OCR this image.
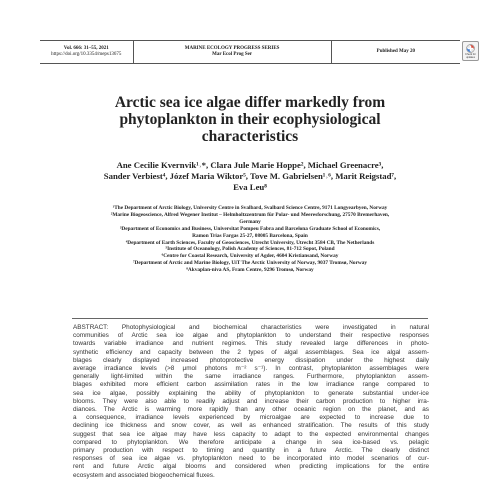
Vol. 666: 31–55, 2021
https://doi.org/10.3354/meps13675
MARINE ECOLOGY PROGRESS SERIES
Mar Ecol Prog Ser
Published May 20	Check for updates
Arctic sea ice algae differ markedly from
phytoplankton in their ecophysiological
characteristics
Ane Cecilie Kvernvik¹˒*, Clara Jule Marie Hoppe², Michael Greenacre³,
Sander Verbiest⁴, Józef Maria Wiktor⁵, Tove M. Gabrielsen¹˒⁶, Marit Reigstad⁷,
Eva Leu⁸
¹The Department of Arctic Biology, University Centre in Svalbard, Svalbard Science Centre, 9171 Longyearbyen, Norway
²Marine Biogeoscience, Alfred Wegener Institut – Helmholtzzentrum für Polar- und Meeresforschung, 27570 Bremerhaven,
Germany
³Department of Economics and Business, Universitat Pompeu Fabra and Barcelona Graduate School of Economics,
Ramon Trias Fargas 25-27, 08005 Barcelona, Spain
⁴Department of Earth Sciences, Faculty of Geosciences, Utrecht University, Utrecht 3584 CB, The Netherlands
⁵Institute of Oceanology, Polish Academy of Sciences, 81-712 Sopot, Poland
⁶Centre for Coastal Research, University of Agder, 4604 Kristiansand, Norway
⁷Department of Arctic and Marine Biology, UiT The Arctic University of Norway, 9037 Tromsø, Norway
⁸Akvaplan-niva AS, Fram Centre, 9296 Tromsø, Norway
ABSTRACT: Photophysiological and biochemical characteristics were investigated in natural
communities of Arctic sea ice algae and phytoplankton to understand their respective responses
towards variable irradiance and nutrient regimes. This study revealed large differences in photo-
synthetic efficiency and capacity between the 2 types of algal assemblages. Sea ice algal assem-
blages clearly displayed increased photoprotective energy dissipation under the highest daily
average irradiance levels (>8 μmol photons m⁻² s⁻¹). In contrast, phytoplankton assemblages were
generally light-limited within the same irradiance ranges. Furthermore, phytoplankton assem-
blages exhibited more efficient carbon assimilation rates in the low irradiance range compared to
sea ice algae, possibly explaining the ability of phytoplankton to generate substantial under-ice
blooms. They were also able to readily adjust and increase their carbon production to higher irra-
diances. The Arctic is warming more rapidly than any other oceanic region on the planet, and as
a consequence, irradiance levels experienced by microalgae are expected to increase due to
declining ice thickness and snow cover, as well as enhanced stratification. The results of this study
suggest that sea ice algae may have less capacity to adapt to the expected environmental changes
compared to phytoplankton. We therefore anticipate a change in sea ice-based vs. pelagic
primary production with respect to timing and quantity in a future Arctic. The clearly distinct
responses of sea ice algae vs. phytoplankton need to be incorporated into model scenarios of cur-
rent and future Arctic algal blooms and considered when predicting implications for the entire
ecosystem and associated biogeochemical fluxes.
